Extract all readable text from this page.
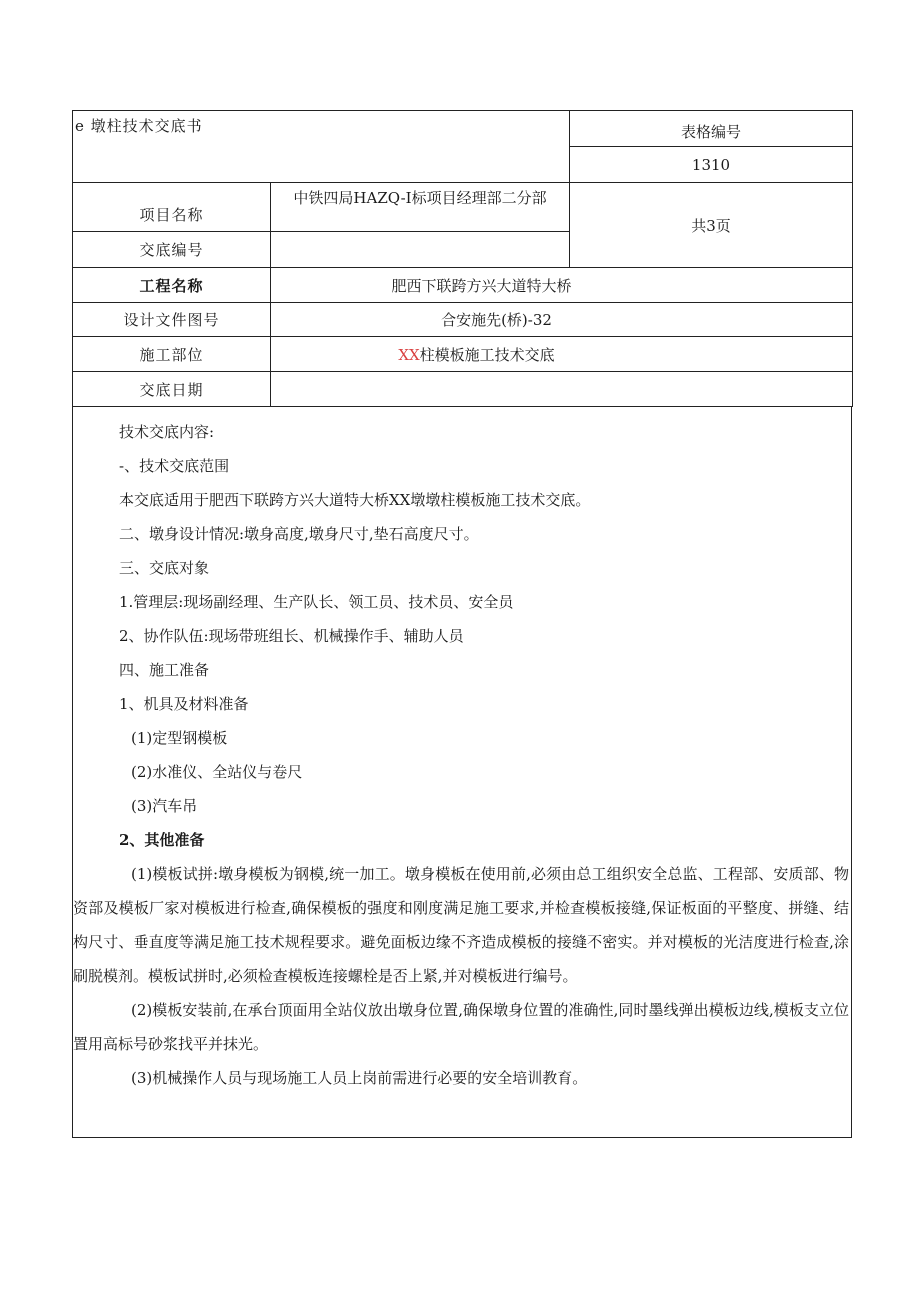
e 墩柱技术交底书		表格编号
		1310
项目名称	中铁四局HAZQ-I标项目经理部二分部	共3页
交底编号		
工程名称	肥西下联跨方兴大道特大桥	
设计文件图号	合安施先(桥)-32	
施工部位	XX柱模板施工技术交底	
交底日期		

技术交底内容:

-、技术交底范围

本交底适用于肥西下联跨方兴大道特大桥XX墩墩柱模板施工技术交底。

二、墩身设计情况:墩身高度,墩身尺寸,垫石高度尺寸。

三、交底对象

1.管理层:现场副经理、生产队长、领工员、技术员、安全员

2、协作队伍:现场带班组长、机械操作手、辅助人员

四、施工准备

1、机具及材料准备

(1)定型钢模板

(2)水准仪、全站仪与卷尺

(3)汽车吊

2、其他准备

(1)模板试拼:墩身模板为钢模,统一加工。墩身模板在使用前,必须由总工组织安全总监、工程部、安质部、物资部及模板厂家对模板进行检查,确保模板的强度和刚度满足施工要求,并检查模板接缝,保证板面的平整度、拼缝、结构尺寸、垂直度等满足施工技术规程要求。避免面板边缘不齐造成模板的接缝不密实。并对模板的光洁度进行检查,涂刷脱模剂。模板试拼时,必须检查模板连接螺栓是否上紧,并对模板进行编号。

(2)模板安装前,在承台顶面用全站仪放出墩身位置,确保墩身位置的准确性,同时墨线弹出模板边线,模板支立位置用高标号砂浆找平并抹光。

(3)机械操作人员与现场施工人员上岗前需进行必要的安全培训教育。
